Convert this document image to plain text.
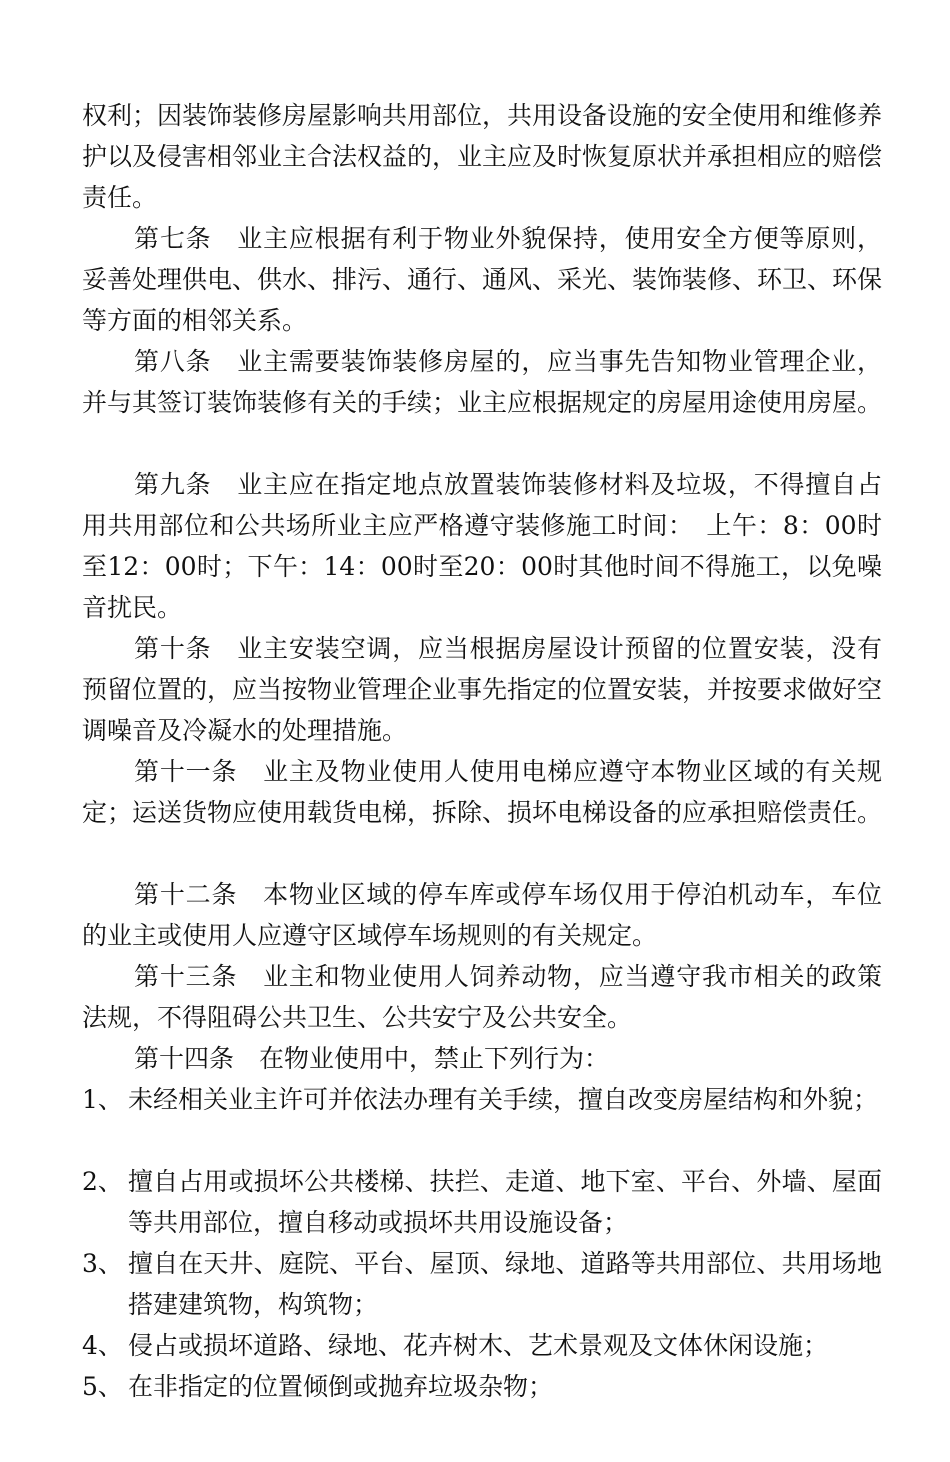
权利；因装饰装修房屋影响共用部位，共用设备设施的安全使用和维修养护以及侵害相邻业主合法权益的，业主应及时恢复原状并承担相应的赔偿责任。

第七条　业主应根据有利于物业外貌保持，使用安全方便等原则，妥善处理供电、供水、排污、通行、通风、采光、装饰装修、环卫、环保等方面的相邻关系。

第八条　业主需要装饰装修房屋的，应当事先告知物业管理企业，并与其签订装饰装修有关的手续；业主应根据规定的房屋用途使用房屋。

第九条　业主应在指定地点放置装饰装修材料及垃圾，不得擅自占用共用部位和公共场所业主应严格遵守装修施工时间：　上午：8：00时至12：00时；下午：14：00时至20：00时其他时间不得施工，以免噪音扰民。

第十条　业主安装空调，应当根据房屋设计预留的位置安装，没有预留位置的，应当按物业管理企业事先指定的位置安装，并按要求做好空调噪音及冷凝水的处理措施。

第十一条　业主及物业使用人使用电梯应遵守本物业区域的有关规定；运送货物应使用载货电梯，拆除、损坏电梯设备的应承担赔偿责任。

第十二条　本物业区域的停车库或停车场仅用于停泊机动车，车位的业主或使用人应遵守区域停车场规则的有关规定。

第十三条　业主和物业使用人饲养动物，应当遵守我市相关的政策法规，不得阻碍公共卫生、公共安宁及公共安全。

第十四条　在物业使用中，禁止下列行为：

1、 未经相关业主许可并依法办理有关手续，擅自改变房屋结构和外貌；
2、 擅自占用或损坏公共楼梯、扶拦、走道、地下室、平台、外墙、屋面等共用部位，擅自移动或损坏共用设施设备；
3、 擅自在天井、庭院、平台、屋顶、绿地、道路等共用部位、共用场地搭建建筑物，构筑物；
4、 侵占或损坏道路、绿地、花卉树木、艺术景观及文体休闲设施；
5、 在非指定的位置倾倒或抛弃垃圾杂物；
